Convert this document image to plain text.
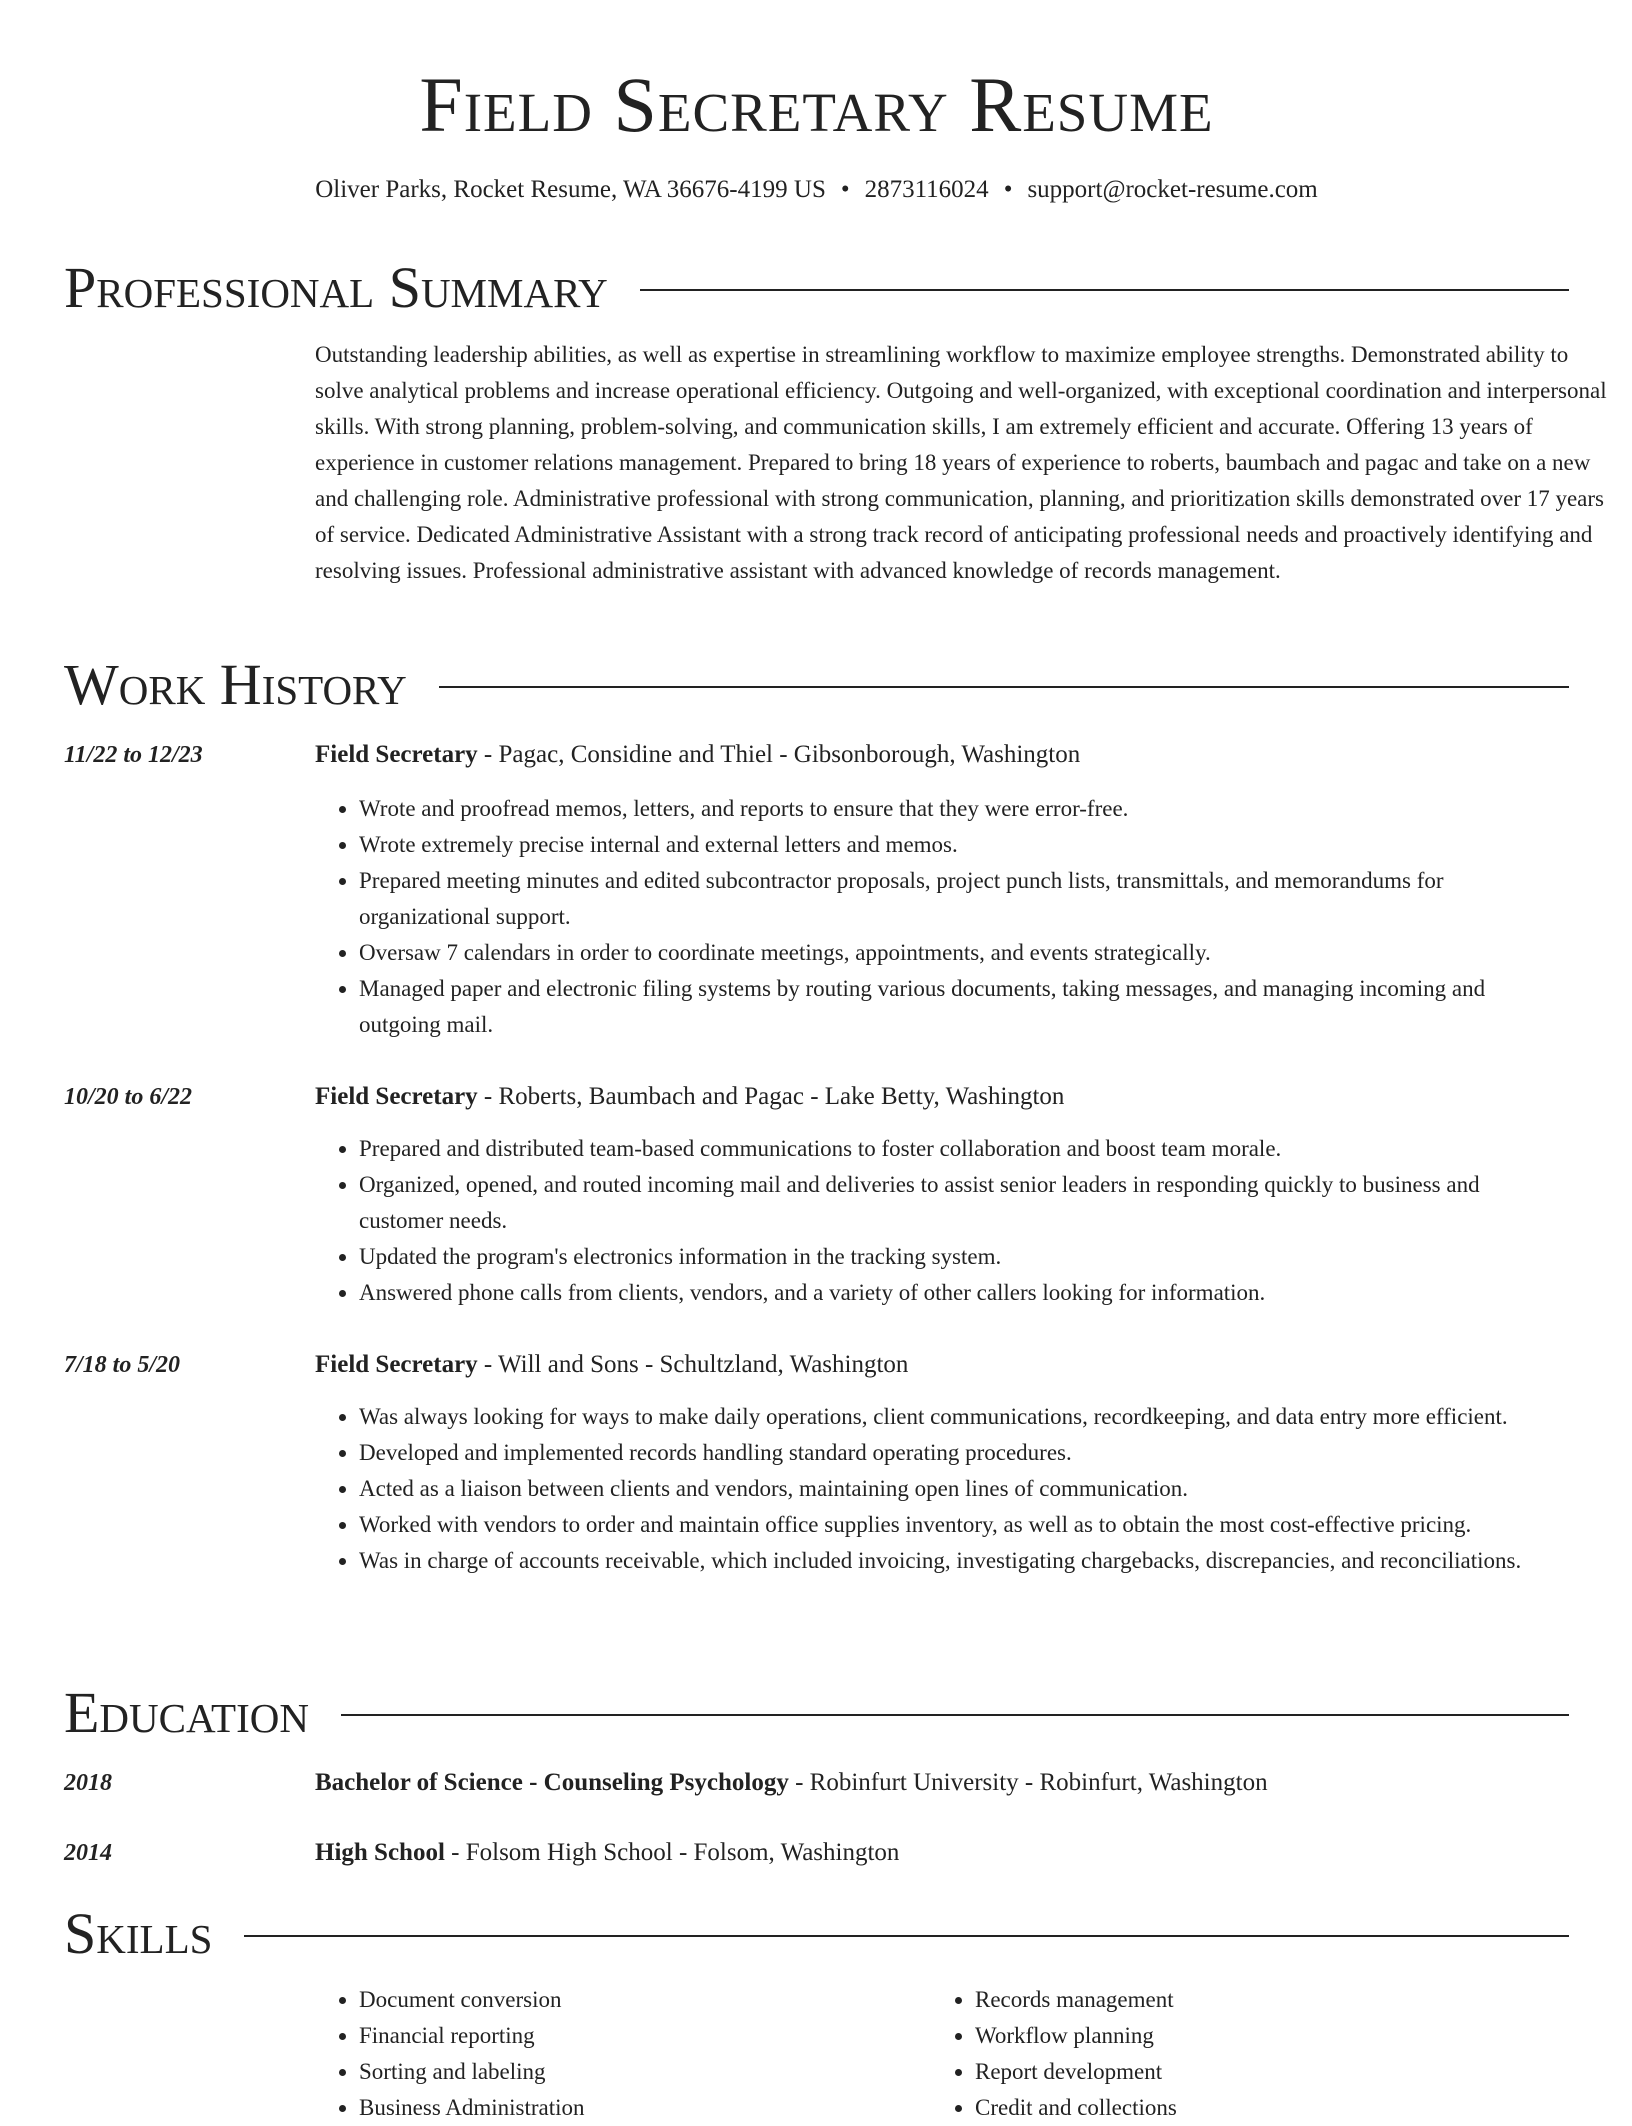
Field Secretary Resume
Oliver Parks, Rocket Resume, WA 36676-4199 US • 2873116024 • support@rocket-resume.com
Professional Summary

Outstanding leadership abilities, as well as expertise in streamlining workflow to maximize employee strengths. Demonstrated ability to solve analytical problems and increase operational efficiency. Outgoing and well-organized, with exceptional coordination and interpersonal skills. With strong planning, problem-solving, and communication skills, I am extremely efficient and accurate. Offering 13 years of experience in customer relations management. Prepared to bring 18 years of experience to roberts, baumbach and pagac and take on a new and challenging role. Administrative professional with strong communication, planning, and prioritization skills demonstrated over 17 years of service. Dedicated Administrative Assistant with a strong track record of anticipating professional needs and proactively identifying and resolving issues. Professional administrative assistant with advanced knowledge of records management.

Work History
11/22 to 12/23	Field Secretary - Pagac, Considine and Thiel - Gibsonborough, Washington
• Wrote and proofread memos, letters, and reports to ensure that they were error-free.
• Wrote extremely precise internal and external letters and memos.
• Prepared meeting minutes and edited subcontractor proposals, project punch lists, transmittals, and memorandums for organizational support.
• Oversaw 7 calendars in order to coordinate meetings, appointments, and events strategically.
• Managed paper and electronic filing systems by routing various documents, taking messages, and managing incoming and outgoing mail.
10/20 to 6/22	Field Secretary - Roberts, Baumbach and Pagac - Lake Betty, Washington
• Prepared and distributed team-based communications to foster collaboration and boost team morale.
• Organized, opened, and routed incoming mail and deliveries to assist senior leaders in responding quickly to business and customer needs.
• Updated the program's electronics information in the tracking system.
• Answered phone calls from clients, vendors, and a variety of other callers looking for information.
7/18 to 5/20	Field Secretary - Will and Sons - Schultzland, Washington
• Was always looking for ways to make daily operations, client communications, recordkeeping, and data entry more efficient.
• Developed and implemented records handling standard operating procedures.
• Acted as a liaison between clients and vendors, maintaining open lines of communication.
• Worked with vendors to order and maintain office supplies inventory, as well as to obtain the most cost-effective pricing.
• Was in charge of accounts receivable, which included invoicing, investigating chargebacks, discrepancies, and reconciliations.
Education
2018	Bachelor of Science - Counseling Psychology - Robinfurt University - Robinfurt, Washington
2014	High School - Folsom High School - Folsom, Washington
Skills
• Document conversion
• Financial reporting
• Sorting and labeling
• Business Administration
• Records management
• Workflow planning
• Report development
• Credit and collections
